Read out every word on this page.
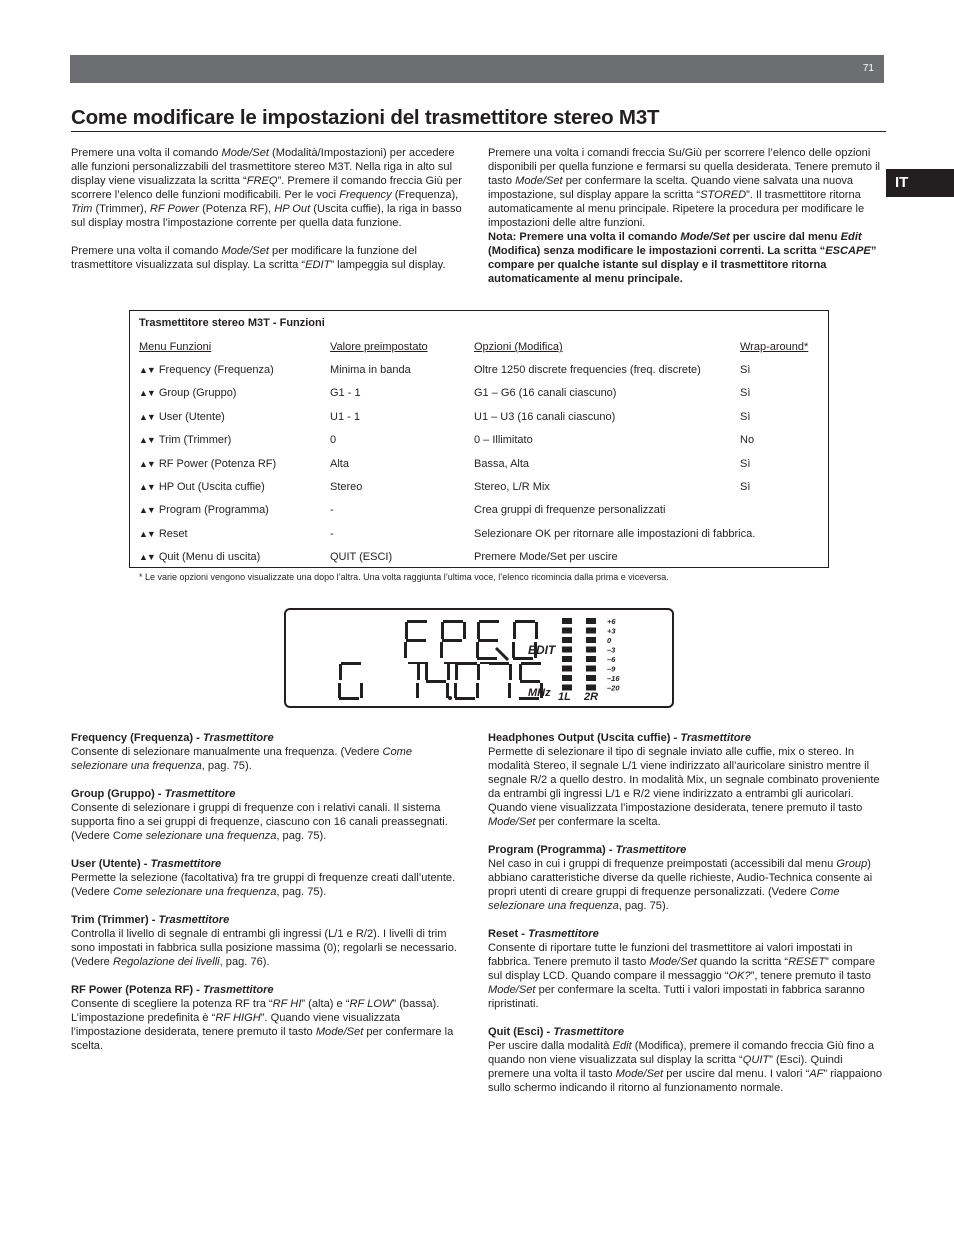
71
Come modificare le impostazioni del trasmettitore stereo M3T
IT

Premere una volta il comando Mode/Set (Modalità/Impostazioni) per accedere alle funzioni personalizzabili del trasmettitore stereo M3T. Nella riga in alto sul display viene visualizzata la scritta “FREQ”. Premere il comando freccia Giù per scorrere l’elenco delle funzioni modificabili. Per le voci Frequency (Frequenza), Trim (Trimmer), RF Power (Potenza RF), HP Out (Uscita cuffie), la riga in basso sul display mostra l’impostazione corrente per quella data funzione.

Premere una volta il comando Mode/Set per modificare la funzione del trasmettitore visualizzata sul display. La scritta “EDIT” lampeggia sul display.

Premere una volta i comandi freccia Su/Giù per scorrere l’elenco delle opzioni disponibili per quella funzione e fermarsi su quella desiderata. Tenere premuto il tasto Mode/Set per confermare la scelta. Quando viene salvata una nuova impostazione, sul display appare la scritta “STORED”. Il trasmettitore ritorna automaticamente al menu principale. Ripetere la procedura per modificare le impostazioni delle altre funzioni.
Nota: Premere una volta il comando Mode/Set per uscire dal menu Edit (Modifica) senza modificare le impostazioni correnti. La scritta “ESCAPE” compare per qualche istante sul display e il trasmettitore ritorna automaticamente al menu principale.

Trasmettitore stereo M3T - Funzioni
Menu Funzioni	Valore preimpostato	Opzioni (Modifica)	Wrap-around*
▲▼ Frequency (Frequenza)	Minima in banda	Oltre 1250 discrete frequencies (freq. discrete)	Sì
▲▼ Group (Gruppo)	G1 - 1	G1 – G6 (16 canali ciascuno)	Sì
▲▼ User (Utente)	U1 - 1	U1 – U3 (16 canali ciascuno)	Sì
▲▼ Trim (Trimmer)	0	0 – Illimitato	No
▲▼ RF Power (Potenza RF)	Alta	Bassa, Alta	Sì
▲▼ HP Out (Uscita cuffie)	Stereo	Stereo, L/R Mix	Sì
▲▼ Program (Programma)	-	Crea gruppi di frequenze personalizzati
▲▼ Reset	-	Selezionare OK per ritornare alle impostazioni di fabbrica.
▲▼ Quit (Menu di uscita)	QUIT (ESCI)	Premere Mode/Set per uscire
* Le varie opzioni vengono visualizzate una dopo l’altra. Una volta raggiunta l’ultima voce, l’elenco ricomincia dalla prima e viceversa.
EDIT
MHz
+6
+3
0
–3
–6
–9
–16
–20
1L 2R
Frequency (Frequenza) - Trasmettitore
Consente di selezionare manualmente una frequenza. (Vedere Come selezionare una frequenza, pag. 75).
Group (Gruppo) - Trasmettitore
Consente di selezionare i gruppi di frequenze con i relativi canali. Il sistema supporta fino a sei gruppi di frequenze, ciascuno con 16 canali preassegnati. (Vedere Come selezionare una frequenza, pag. 75).
User (Utente) - Trasmettitore
Permette la selezione (facoltativa) fra tre gruppi di frequenze creati dall’utente. (Vedere Come selezionare una frequenza, pag. 75).
Trim (Trimmer) - Trasmettitore
Controlla il livello di segnale di entrambi gli ingressi (L/1 e R/2). I livelli di trim sono impostati in fabbrica sulla posizione massima (0); regolarli se necessario. (Vedere Regolazione dei livelli, pag. 76).
RF Power (Potenza RF) - Trasmettitore
Consente di scegliere la potenza RF tra “RF HI” (alta) e “RF LOW” (bassa). L’impostazione predefinita è “RF HIGH”. Quando viene visualizzata l’impostazione desiderata, tenere premuto il tasto Mode/Set per confermare la scelta.
Headphones Output (Uscita cuffie) - Trasmettitore
Permette di selezionare il tipo di segnale inviato alle cuffie, mix o stereo. In modalità Stereo, il segnale L/1 viene indirizzato all’auricolare sinistro mentre il segnale R/2 a quello destro. In modalità Mix, un segnale combinato proveniente da entrambi gli ingressi L/1 e R/2 viene indirizzato a entrambi gli auricolari. Quando viene visualizzata l’impostazione desiderata, tenere premuto il tasto Mode/Set per confermare la scelta.
Program (Programma) - Trasmettitore
Nel caso in cui i gruppi di frequenze preimpostati (accessibili dal menu Group) abbiano caratteristiche diverse da quelle richieste, Audio-Technica consente ai propri utenti di creare gruppi di frequenze personalizzati. (Vedere Come selezionare una frequenza, pag. 75).
Reset - Trasmettitore
Consente di riportare tutte le funzioni del trasmettitore ai valori impostati in fabbrica. Tenere premuto il tasto Mode/Set quando la scritta “RESET” compare sul display LCD. Quando compare il messaggio “OK?”, tenere premuto il tasto Mode/Set per confermare la scelta. Tutti i valori impostati in fabbrica saranno ripristinati.
Quit (Esci) - Trasmettitore
Per uscire dalla modalità Edit (Modifica), premere il comando freccia Giù fino a quando non viene visualizzata sul display la scritta “QUIT” (Esci). Quindi premere una volta il tasto Mode/Set per uscire dal menu. I valori “AF” riappaiono sullo schermo indicando il ritorno al funzionamento normale.
